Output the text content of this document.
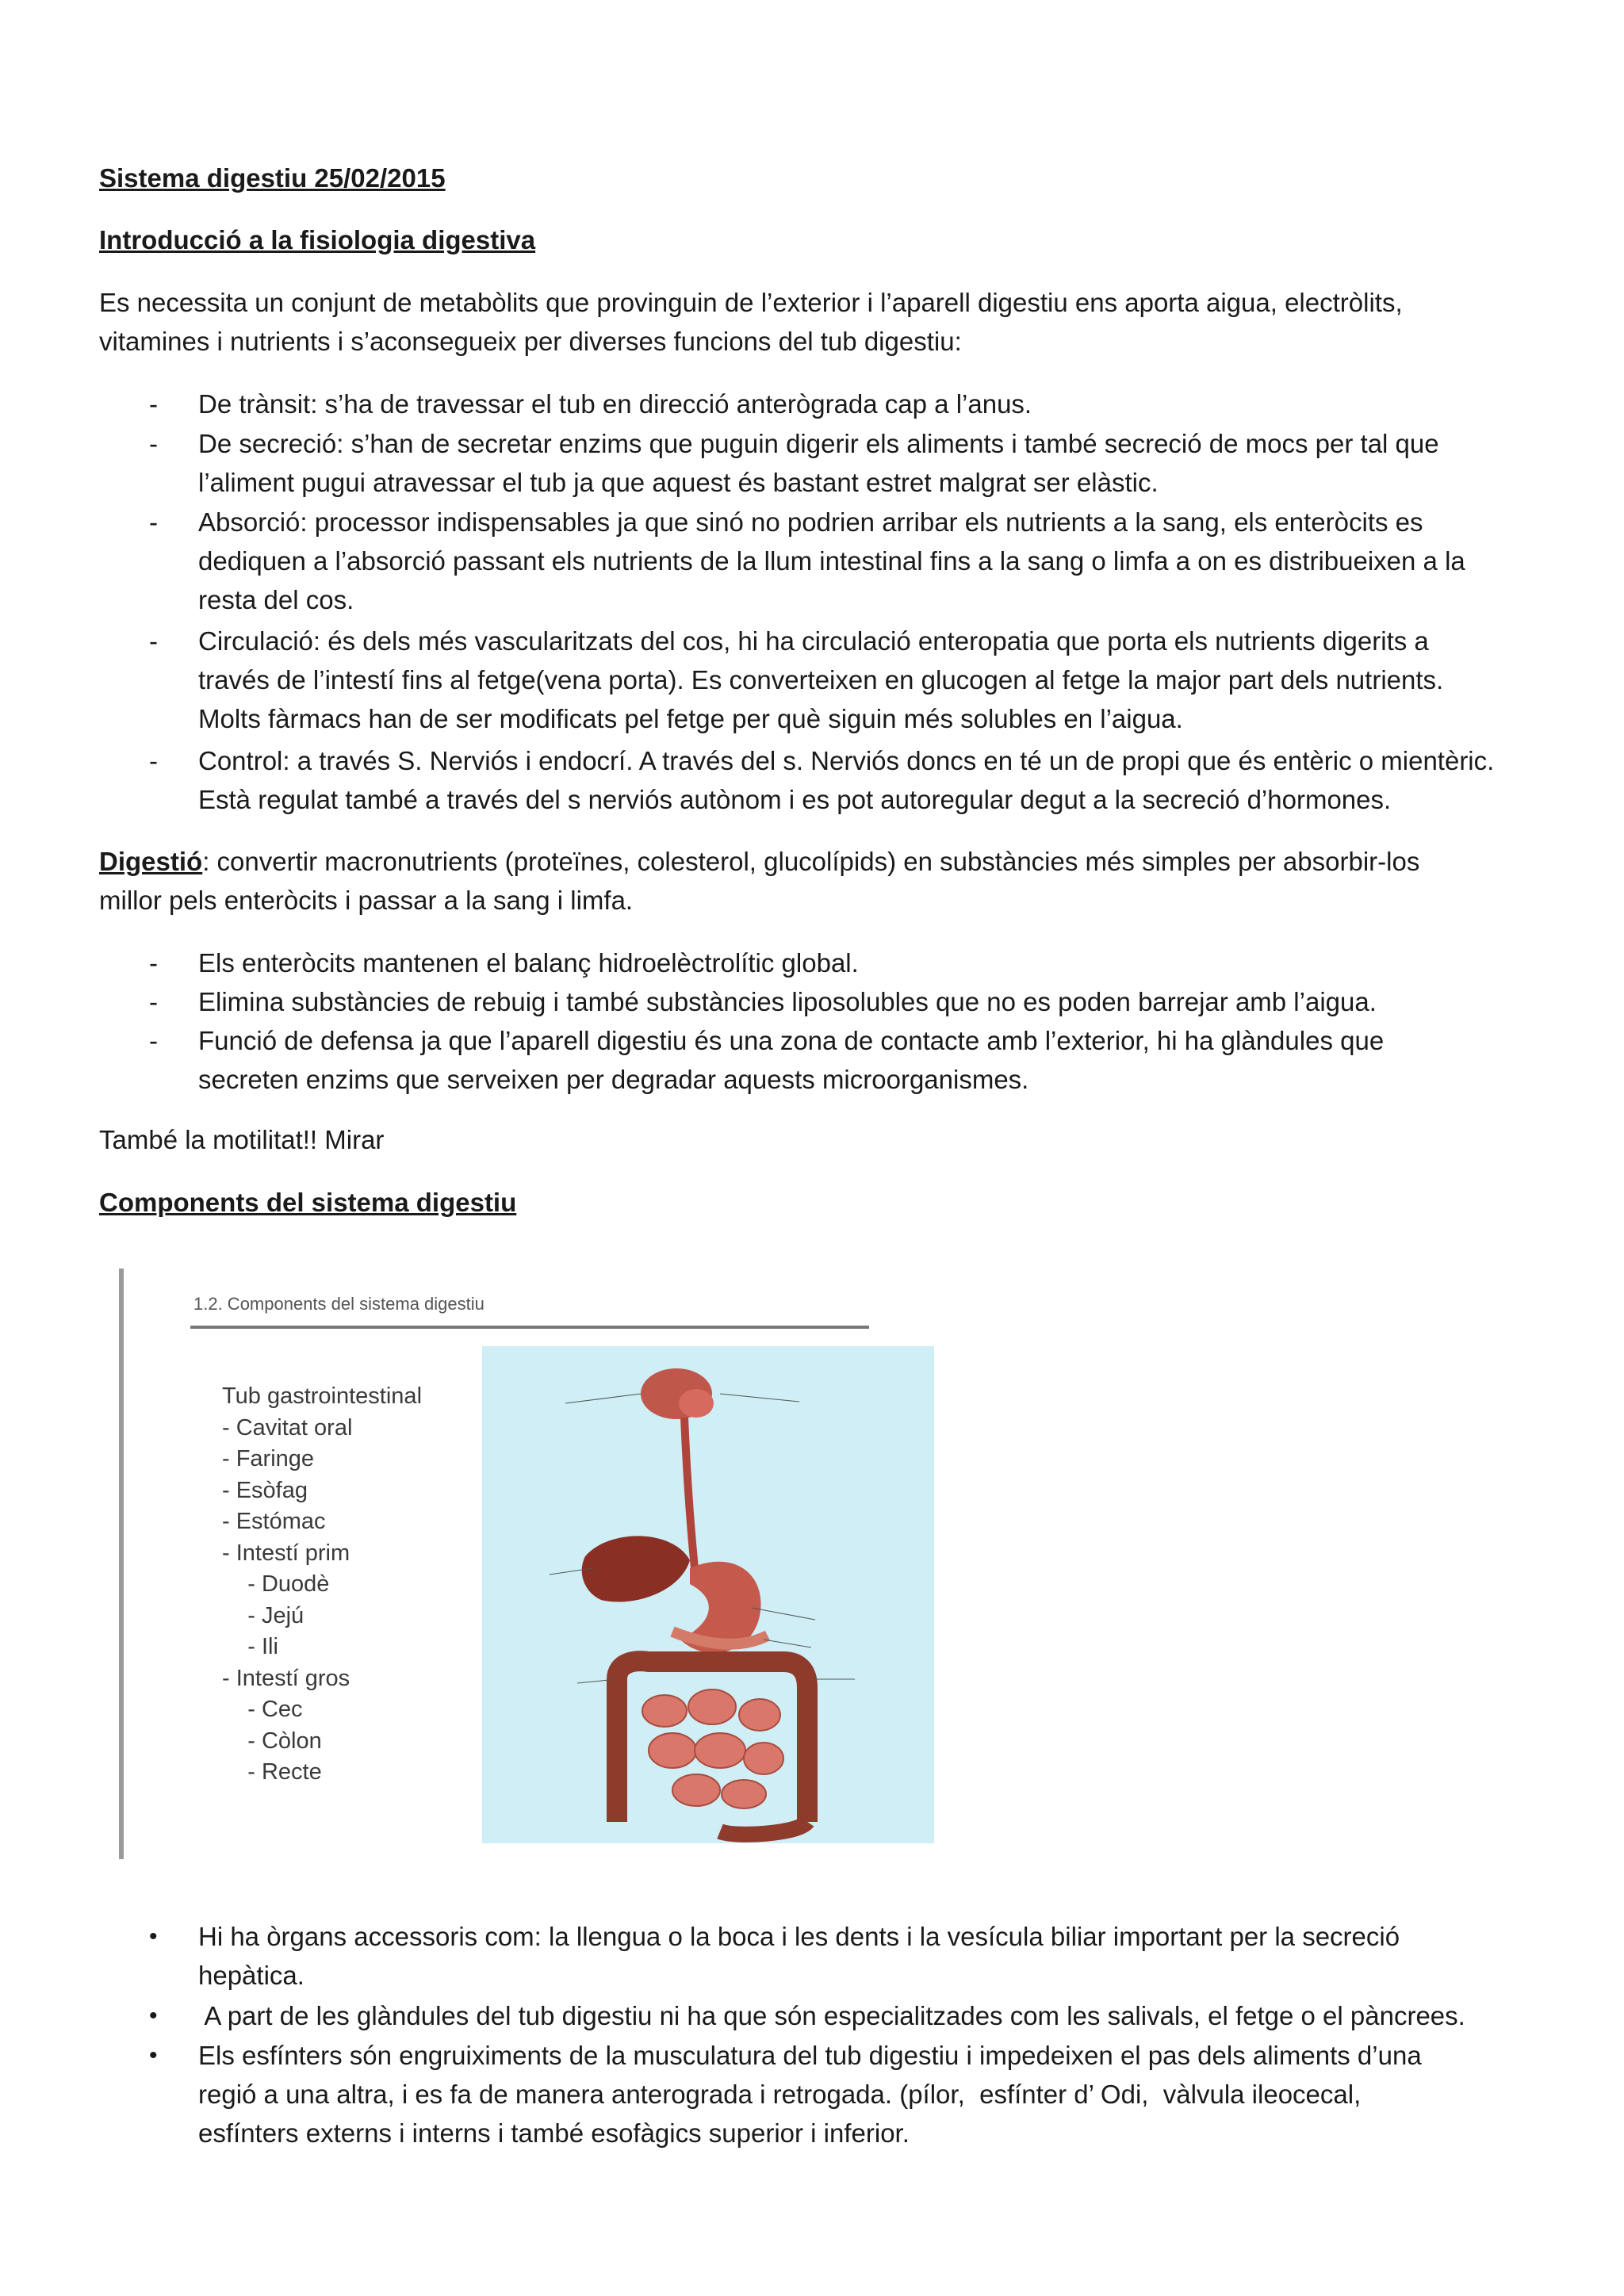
Sistema digestiu 25/02/2015
Introducció a la fisiologia digestiva
Es necessita un conjunt de metabòlits que provinguin de l’exterior i l’aparell digestiu ens aporta aigua, electròlits,
vitamines i nutrients i s’aconsegueix per diverses funcions del tub digestiu:
-	De trànsit: s’ha de travessar el tub en direcció anterògrada cap a l’anus.
-	De secreció: s’han de secretar enzims que puguin digerir els aliments i també secreció de mocs per tal que
l’aliment pugui atravessar el tub ja que aquest és bastant estret malgrat ser elàstic.
-	Absorció: processor indispensables ja que sinó no podrien arribar els nutrients a la sang, els enteròcits es
dediquen a l’absorció passant els nutrients de la llum intestinal fins a la sang o limfa a on es distribueixen a la
resta del cos.
-	Circulació: és dels més vascularitzats del cos, hi ha circulació enteropatia que porta els nutrients digerits a
través de l’intestí fins al fetge(vena porta). Es converteixen en glucogen al fetge la major part dels nutrients.
Molts fàrmacs han de ser modificats pel fetge per què siguin més solubles en l’aigua.
-	Control: a través S. Nerviós i endocrí. A través del s. Nerviós doncs en té un de propi que és entèric o mientèric.
Està regulat també a través del s nerviós autònom i es pot autoregular degut a la secreció d’hormones.
Digestió: convertir macronutrients (proteïnes, colesterol, glucolípids) en substàncies més simples per absorbir-los
millor pels enteròcits i passar a la sang i limfa.
-	Els enteròcits mantenen el balanç hidroelèctrolític global.
-	Elimina substàncies de rebuig i també substàncies liposolubles que no es poden barrejar amb l’aigua.
-	Funció de defensa ja que l’aparell digestiu és una zona de contacte amb l’exterior, hi ha glàndules que
secreten enzims que serveixen per degradar aquests microorganismes.
També la motilitat!! Mirar
Components del sistema digestiu
1.2. Components del sistema digestiu
Tub gastrointestinal
- Cavitat oral
- Faringe
- Esòfag
- Estómac
- Intestí prim
- Duodè
- Jejú
- Ili
- Intestí gros
- Cec
- Còlon
- Recte
•	Hi ha òrgans accessoris com: la llengua o la boca i les dents i la vesícula biliar important per la secreció
hepàtica.
•	A part de les glàndules del tub digestiu ni ha que són especialitzades com les salivals, el fetge o el pàncrees.
•	Els esfínters són engruiximents de la musculatura del tub digestiu i impedeixen el pas dels aliments d’una
regió a una altra, i es fa de manera anterograda i retrogada. (pílor,  esfínter d’ Odi,  vàlvula ileocecal,
esfínters externs i interns i també esofàgics superior i inferior.
